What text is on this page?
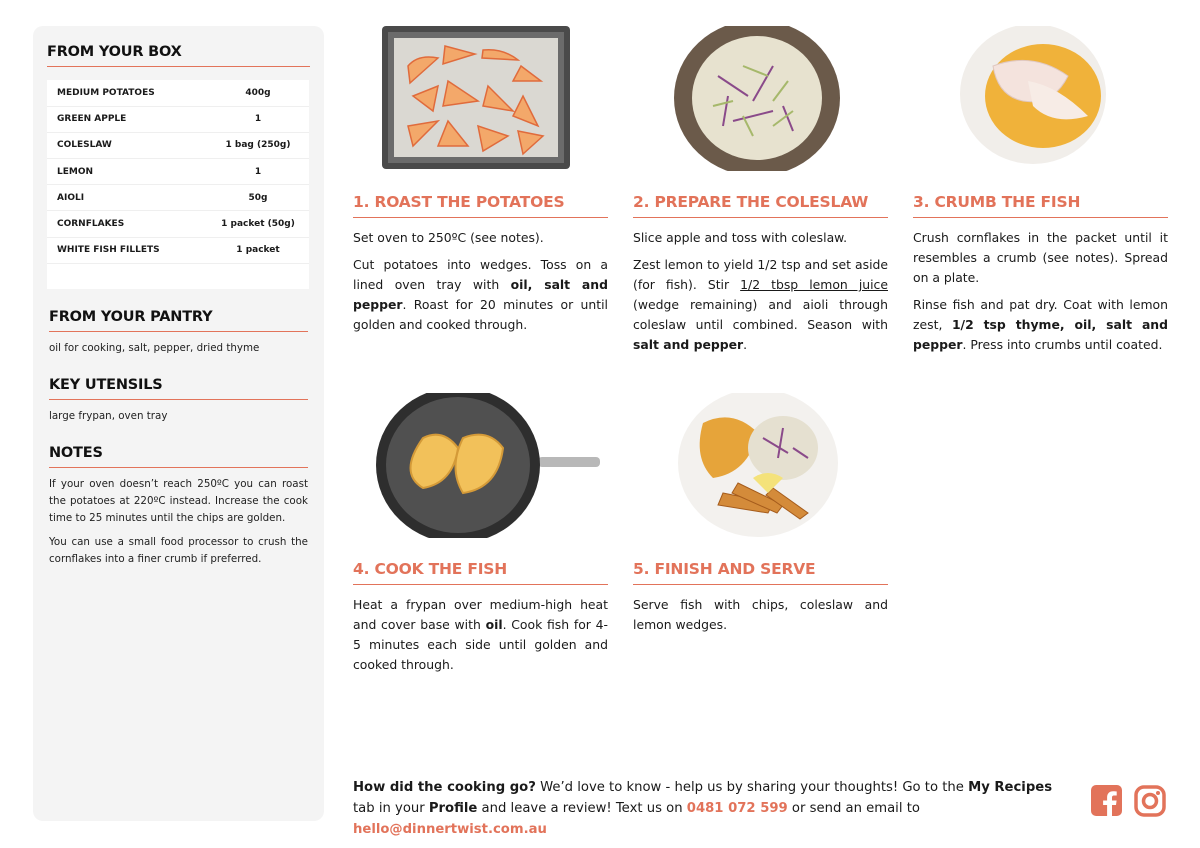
FROM YOUR BOX
MEDIUM POTATOES	400g
GREEN APPLE	1
COLESLAW	1 bag (250g)
LEMON	1
AIOLI	50g
CORNFLAKES	1 packet (50g)
WHITE FISH FILLETS	1 packet

FROM YOUR PANTRY

oil for cooking, salt, pepper, dried thyme

KEY UTENSILS

large frypan, oven tray

NOTES

If your oven doesn’t reach 250ºC you can roast the potatoes at 220ºC instead. Increase the cook time to 25 minutes until the chips are golden.

You can use a small food processor to crush the cornflakes into a finer crumb if preferred.

1. ROAST THE POTATOES

Set oven to 250ºC (see notes).

Cut potatoes into wedges. Toss on a lined oven tray with oil, salt and pepper. Roast for 20 minutes or until golden and cooked through.

2. PREPARE THE COLESLAW

Slice apple and toss with coleslaw.

Zest lemon to yield 1/2 tsp and set aside (for fish). Stir 1/2 tbsp lemon juice (wedge remaining) and aioli through coleslaw until combined. Season with salt and pepper.

3. CRUMB THE FISH

Crush cornflakes in the packet until it resembles a crumb (see notes). Spread on a plate.

Rinse fish and pat dry. Coat with lemon zest, 1/2 tsp thyme, oil, salt and pepper. Press into crumbs until coated.

4. COOK THE FISH

Heat a frypan over medium-high heat and cover base with oil. Cook fish for 4-5 minutes each side until golden and cooked through.

5. FINISH AND SERVE

Serve fish with chips, coleslaw and lemon wedges.

How did the cooking go? We’d love to know - help us by sharing your thoughts! Go to the My Recipes tab in your Profile and leave a review! Text us on 0481 072 599 or send an email to hello@dinnertwist.com.au
